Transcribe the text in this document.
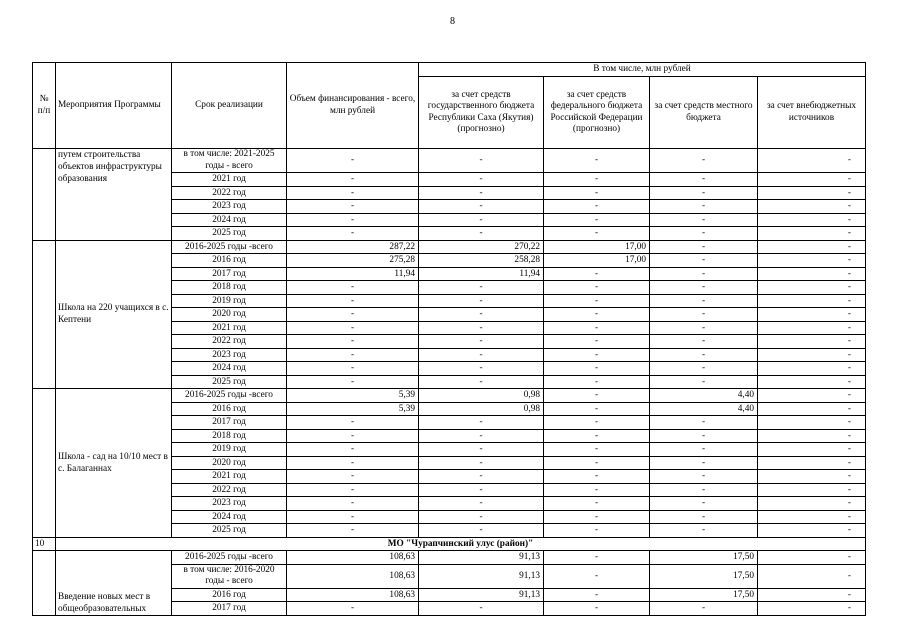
8
№ п/п	Мероприятия Программы	Срок реализации	Объем финансирования - всего, млн рублей	В том числе, млн рублей			
				за счет средств государственного бюджета Республики Саха (Якутия) (прогнозно)	за счет средств федерального бюджета Российской Федерации (прогнозно)	за счет средств местного бюджета	за счет внебюджетных источников
	путем строительства объектов инфраструктуры образования	в том числе: 2021-2025 годы - всего	-	-	-	-	-
		2021 год	-	-	-	-	-
		2022 год	-	-	-	-	-
		2023 год	-	-	-	-	-
		2024 год	-	-	-	-	-
		2025 год	-	-	-	-	-
	Школа на 220 учащихся в с. Кептени	2016-2025 годы -всего	287,22	270,22	17,00	-	-
		2016 год	275,28	258,28	17,00	-	-
		2017 год	11,94	11,94	-	-	-
		2018 год	-	-	-	-	-
		2019 год	-	-	-	-	-
		2020 год	-	-	-	-	-
		2021 год	-	-	-	-	-
		2022 год	-	-	-	-	-
		2023 год	-	-	-	-	-
		2024 год	-	-	-	-	-
		2025 год	-	-	-	-	-
	Школа - сад на 10/10 мест в с. Балаганнах	2016-2025 годы -всего	5,39	0,98	-	4,40	-
		2016 год	5,39	0,98	-	4,40	-
		2017 год	-	-	-	-	-
		2018 год	-	-	-	-	-
		2019 год	-	-	-	-	-
		2020 год	-	-	-	-	-
		2021 год	-	-	-	-	-
		2022 год	-	-	-	-	-
		2023 год	-	-	-	-	-
		2024 год	-	-	-	-	-
		2025 год	-	-	-	-	-
10	МО "Чурапчинский улус (район)"						
	Введение новых мест в общеобразовательных	2016-2025 годы -всего	108,63	91,13	-	17,50	-
		в том числе: 2016-2020 годы - всего	108,63	91,13	-	17,50	-
		2016 год	108,63	91,13	-	17,50	-
		2017 год	-	-	-	-	-
